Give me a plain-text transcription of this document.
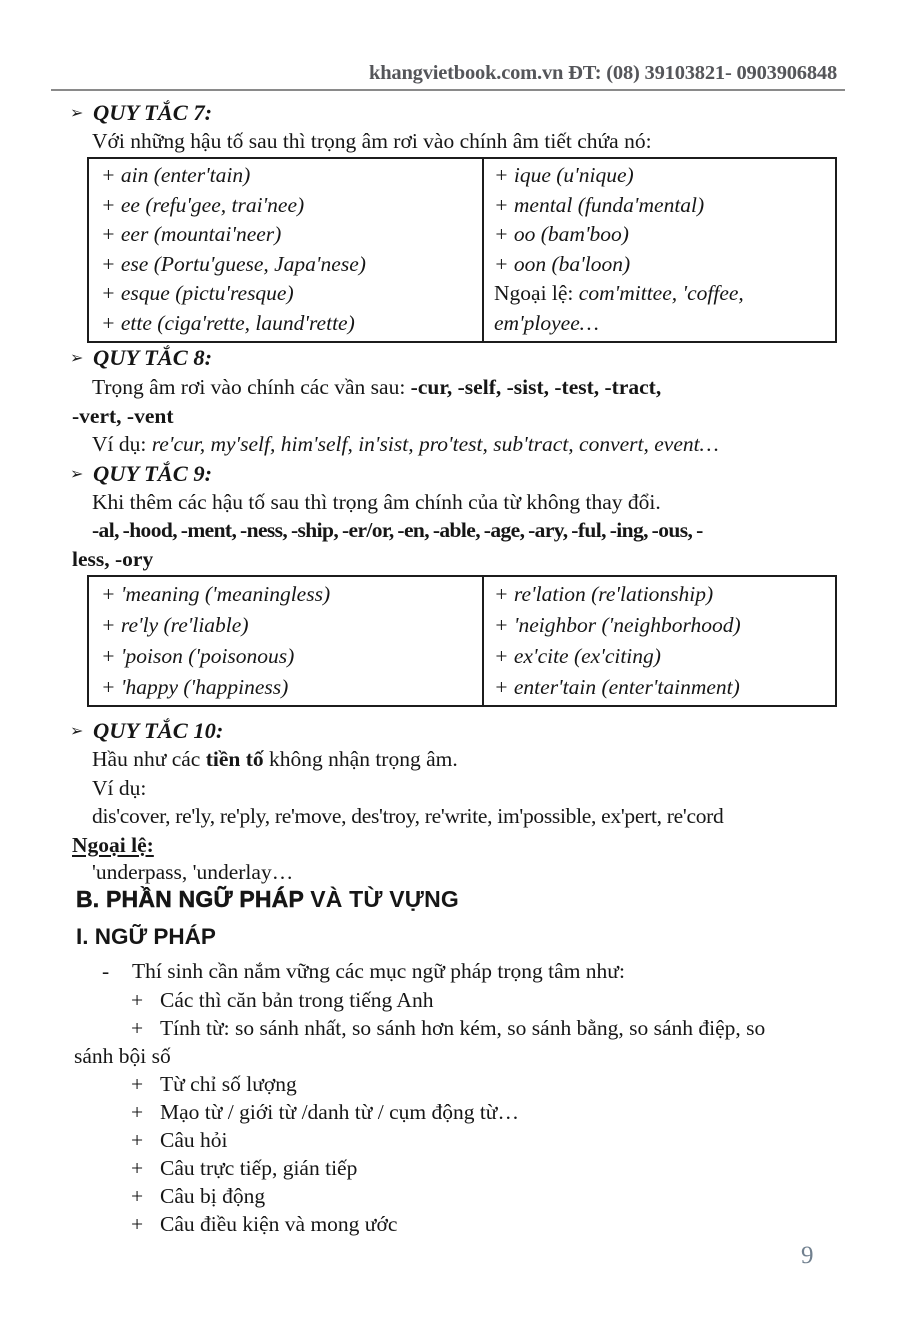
khangvietbook.com.vn ĐT: (08) 39103821- 0903906848
➢ QUY TẮC 7:
Với những hậu tố sau thì trọng âm rơi vào chính âm tiết chứa nó:
+ ain (enter'tain)
+ ee (refu'gee, trai'nee)
+ eer (mountai'neer)
+ ese (Portu'guese, Japa'nese)
+ esque (pictu'resque)
+ ette (ciga'rette, laund'rette)
+ ique (u'nique)
+ mental (funda'mental)
+ oo (bam'boo)
+ oon (ba'loon)
Ngoại lệ: com'mittee, 'coffee,
em'ployee…
➢ QUY TẮC 8:
Trọng âm rơi vào chính các vần sau: -cur, -self, -sist, -test, -tract,
-vert, -vent
Ví dụ: re'cur, my'self, him'self, in'sist, pro'test, sub'tract, convert, event…
➢ QUY TẮC 9:
Khi thêm các hậu tố sau thì trọng âm chính của từ không thay đổi.
-al, -hood, -ment, -ness, -ship, -er/or, -en, -able, -age, -ary, -ful, -ing, -ous, -
less, -ory
+ 'meaning ('meaningless)
+ re'ly (re'liable)
+ 'poison ('poisonous)
+ 'happy ('happiness)
+ re'lation (re'lationship)
+ 'neighbor ('neighborhood)
+ ex'cite (ex'citing)
+ enter'tain (enter'tainment)
➢ QUY TẮC 10:
Hầu như các tiền tố không nhận trọng âm.
Ví dụ:
dis'cover, re'ly, re'ply, re'move, des'troy, re'write, im'possible, ex'pert, re'cord
Ngoại lệ:
'underpass, 'underlay…
B. PHẦN NGỮ PHÁP VÀ TỪ VỰNG
I. NGỮ PHÁP
- Thí sinh cần nắm vững các mục ngữ pháp trọng tâm như:
+ Các thì căn bản trong tiếng Anh
+ Tính từ: so sánh nhất, so sánh hơn kém, so sánh bằng, so sánh điệp, so
sánh bội số
+ Từ chỉ số lượng
+ Mạo từ / giới từ /danh từ / cụm động từ…
+ Câu hỏi
+ Câu trực tiếp, gián tiếp
+ Câu bị động
+ Câu điều kiện và mong ước
9
